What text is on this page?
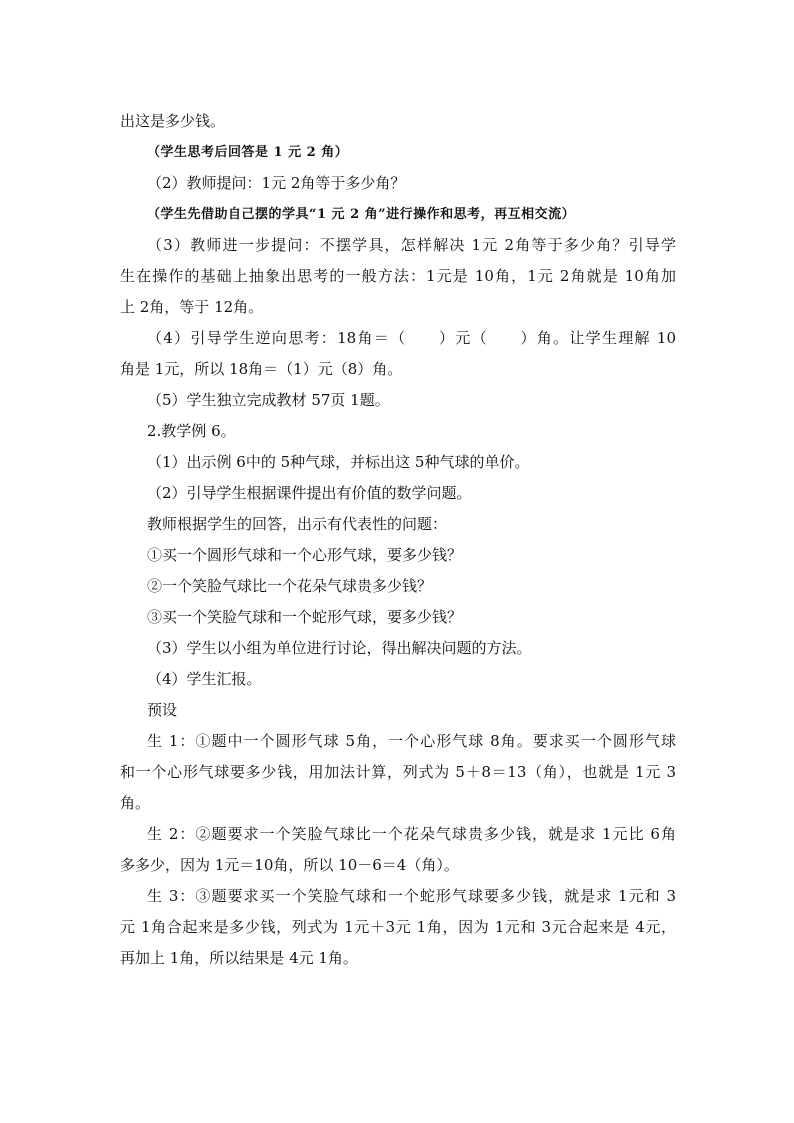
出这是多少钱。
（学生思考后回答是 1 元 2 角）
（2）教师提问：1元 2角等于多少角？
（学生先借助自己摆的学具“1 元 2 角”进行操作和思考，再互相交流）
（3）教师进一步提问：不摆学具，怎样解决 1元 2角等于多少角？引导学
生在操作的基础上抽象出思考的一般方法：1元是 10角，1元 2角就是 10角加
上 2角，等于 12角。
（4）引导学生逆向思考：18角＝（　　）元（　　）角。让学生理解 10
角是 1元，所以 18角＝（1）元（8）角。
（5）学生独立完成教材 57页 1题。
2.教学例 6。
（1）出示例 6中的 5种气球，并标出这 5种气球的单价。
（2）引导学生根据课件提出有价值的数学问题。
教师根据学生的回答，出示有代表性的问题：
①买一个圆形气球和一个心形气球，要多少钱？
②一个笑脸气球比一个花朵气球贵多少钱？
③买一个笑脸气球和一个蛇形气球，要多少钱？
（3）学生以小组为单位进行讨论，得出解决问题的方法。
（4）学生汇报。
预设
生 1：①题中一个圆形气球 5角，一个心形气球 8角。要求买一个圆形气球
和一个心形气球要多少钱，用加法计算，列式为 5＋8＝13（角），也就是 1元 3
角。
生 2：②题要求一个笑脸气球比一个花朵气球贵多少钱，就是求 1元比 6角
多多少，因为 1元＝10角，所以 10－6＝4（角）。
生 3：③题要求买一个笑脸气球和一个蛇形气球要多少钱，就是求 1元和 3
元 1角合起来是多少钱，列式为 1元＋3元 1角，因为 1元和 3元合起来是 4元，
再加上 1角，所以结果是 4元 1角。
